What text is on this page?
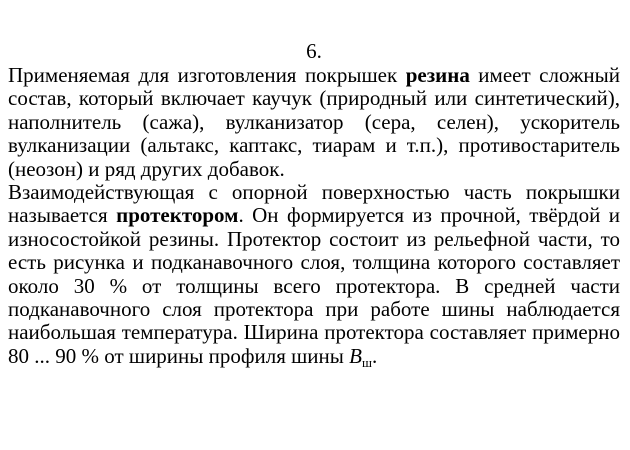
6.

Применяемая для изготовления покрышек резина имеет сложный состав, который включает каучук (природный или синтетический), наполнитель (сажа), вулканизатор (сера, селен), ускоритель вулканизации (альтакс, каптакс, тиарам и т.п.), противостаритель (неозон) и ряд других добавок.

Взаимодействующая с опорной поверхностью часть покрышки называется протектором. Он формируется из прочной, твёрдой и износостойкой резины. Протектор состоит из рельефной части, то есть рисунка и подканавочного слоя, толщина которого составляет около 30 % от толщины всего протектора. В средней части подканавочного слоя протектора при работе шины наблюдается наибольшая температура. Ширина протектора составляет примерно 80 ... 90 % от ширины профиля шины $B_ш$.
